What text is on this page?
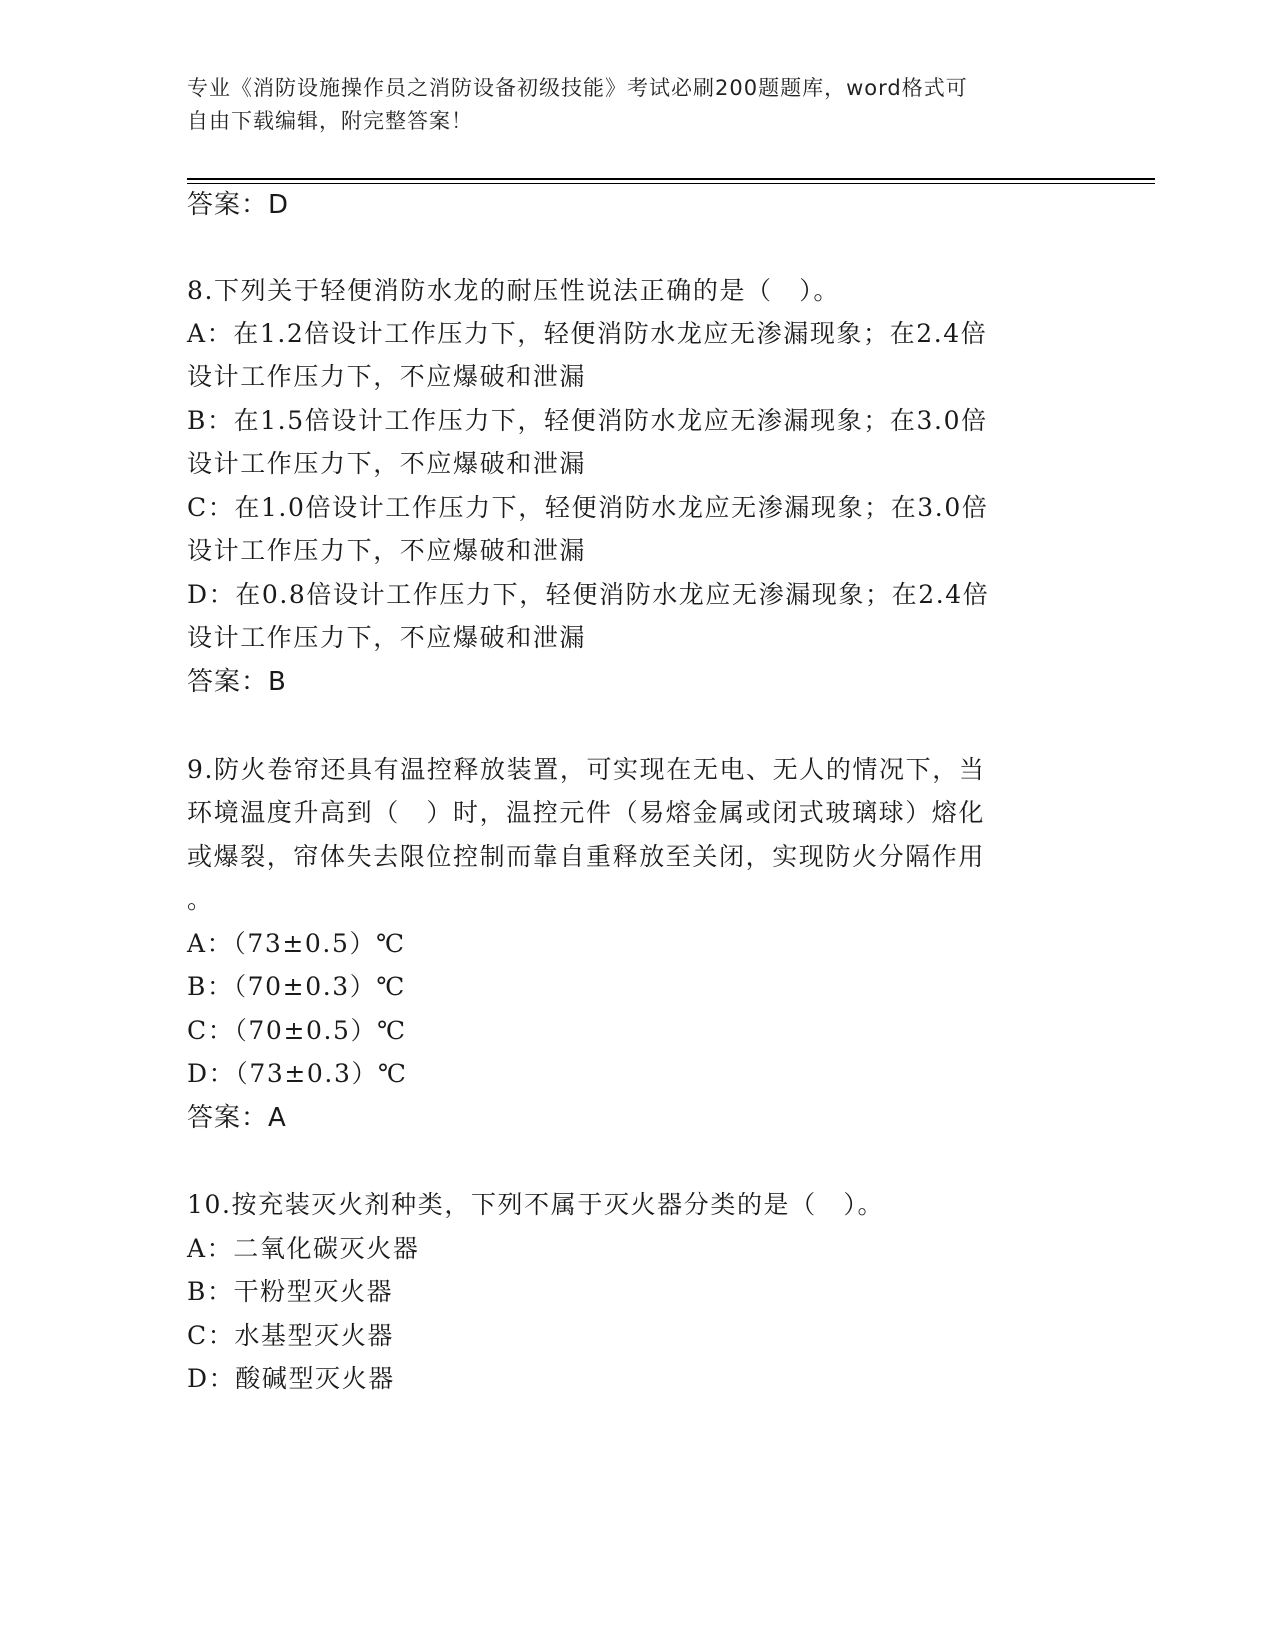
专业《消防设施操作员之消防设备初级技能》考试必刷200题题库，word格式可
自由下载编辑，附完整答案！
答案：D
8.下列关于轻便消防水龙的耐压性说法正确的是（　）。
A：在1.2倍设计工作压力下，轻便消防水龙应无渗漏现象；在2.4倍
设计工作压力下，不应爆破和泄漏
B：在1.5倍设计工作压力下，轻便消防水龙应无渗漏现象；在3.0倍
设计工作压力下，不应爆破和泄漏
C：在1.0倍设计工作压力下，轻便消防水龙应无渗漏现象；在3.0倍
设计工作压力下，不应爆破和泄漏
D：在0.8倍设计工作压力下，轻便消防水龙应无渗漏现象；在2.4倍
设计工作压力下，不应爆破和泄漏
答案：B
9.防火卷帘还具有温控释放装置，可实现在无电、无人的情况下，当
环境温度升高到（　）时，温控元件（易熔金属或闭式玻璃球）熔化
或爆裂，帘体失去限位控制而靠自重释放至关闭，实现防火分隔作用
。
A：（73±0.5）℃
B：（70±0.3）℃
C：（70±0.5）℃
D：（73±0.3）℃
答案：A
10.按充装灭火剂种类，下列不属于灭火器分类的是（　）。
A：二氧化碳灭火器
B：干粉型灭火器
C：水基型灭火器
D：酸碱型灭火器
